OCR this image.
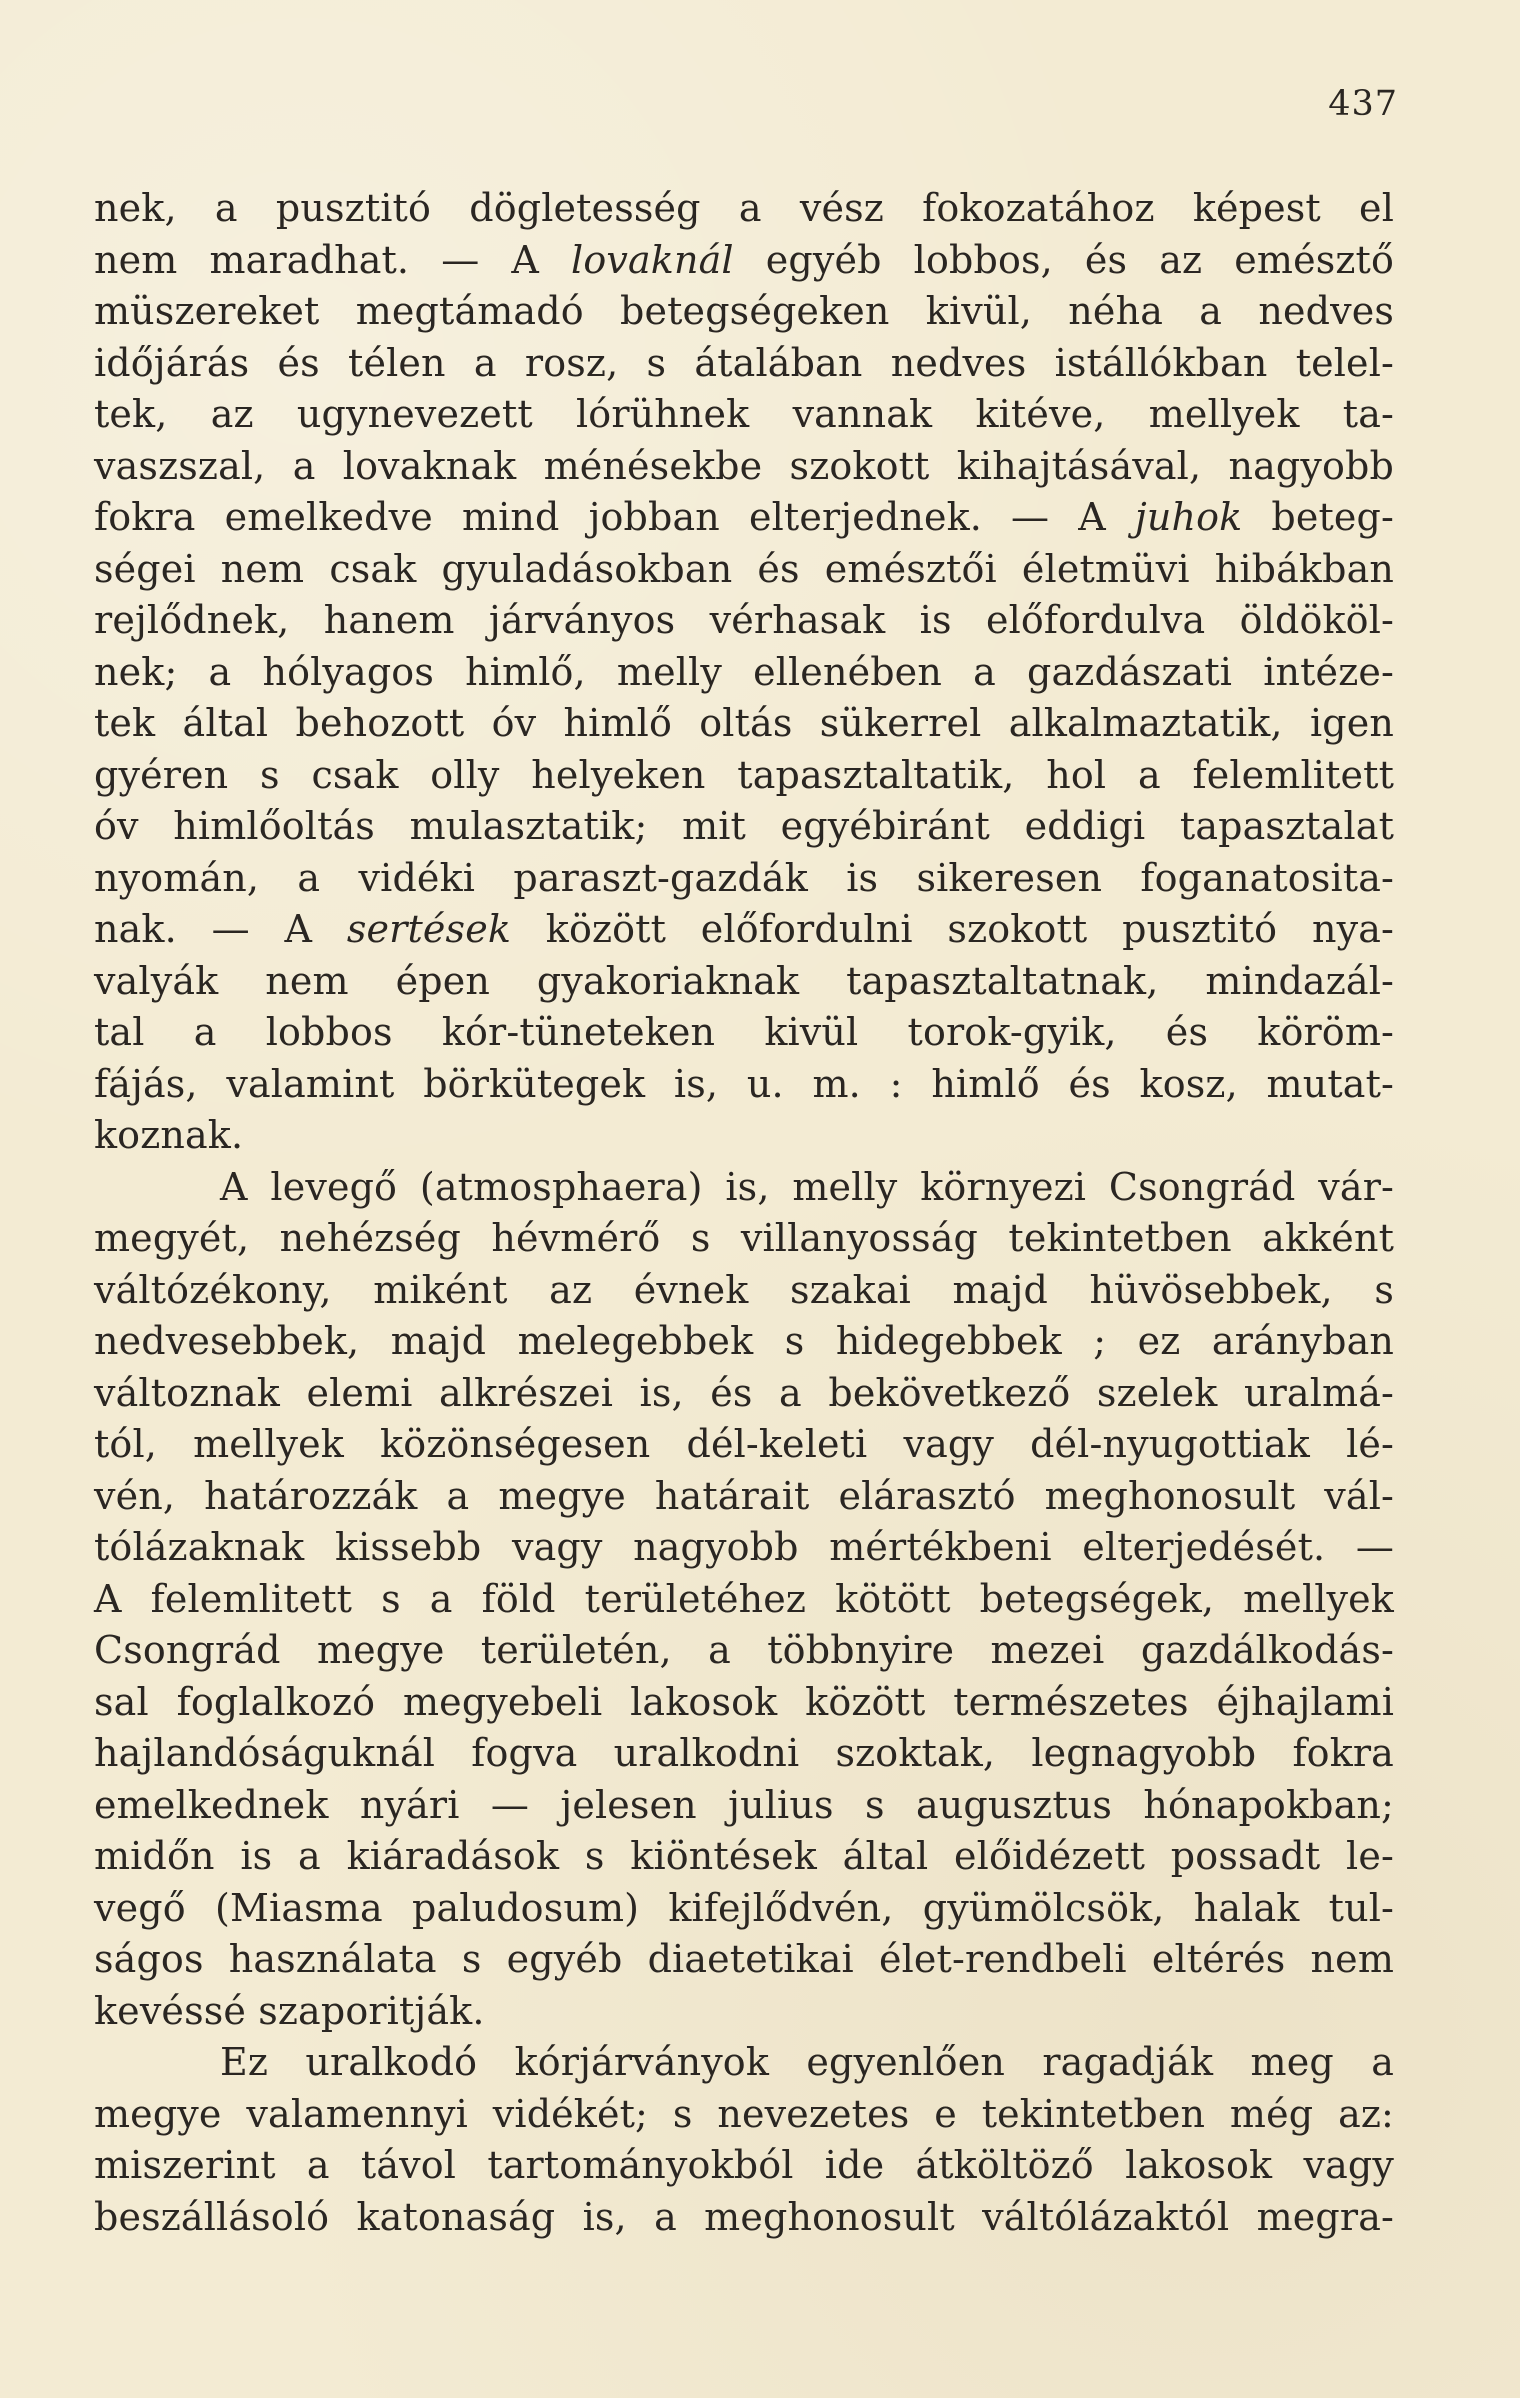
437
nek, a pusztitó dögletesség a vész fokozatához képest el
nem maradhat. — A lovaknál egyéb lobbos, és az emésztő
müszereket megtámadó betegségeken kivül, néha a nedves
időjárás és télen a rosz, s átalában nedves istállókban telel-
tek, az ugynevezett lórühnek vannak kitéve, mellyek ta-
vaszszal, a lovaknak ménésekbe szokott kihajtásával, nagyobb
fokra emelkedve mind jobban elterjednek. — A juhok beteg-
ségei nem csak gyuladásokban és emésztői életmüvi hibákban
rejlődnek, hanem járványos vérhasak is előfordulva öldököl-
nek; a hólyagos himlő, melly ellenében a gazdászati intéze-
tek által behozott óv himlő oltás sükerrel alkalmaztatik, igen
gyéren s csak olly helyeken tapasztaltatik, hol a felemlitett
óv himlőoltás mulasztatik; mit egyébiránt eddigi tapasztalat
nyomán, a vidéki paraszt-gazdák is sikeresen foganatosita-
nak. — A sertések között előfordulni szokott pusztitó nya-
valyák nem épen gyakoriaknak tapasztaltatnak, mindazál-
tal a lobbos kór-tüneteken kivül torok-gyik, és köröm-
fájás, valamint börkütegek is, u. m. : himlő és kosz, mutat-
koznak.
A levegő (atmosphaera) is, melly környezi Csongrád vár-
megyét, nehézség hévmérő s villanyosság tekintetben akként
váltózékony, miként az évnek szakai majd hüvösebbek, s
nedvesebbek, majd melegebbek s hidegebbek ; ez arányban
változnak elemi alkrészei is, és a bekövetkező szelek uralmá-
tól, mellyek közönségesen dél-keleti vagy dél-nyugottiak lé-
vén, határozzák a megye határait elárasztó meghonosult vál-
tólázaknak kissebb vagy nagyobb mértékbeni elterjedését. —
A felemlitett s a föld területéhez kötött betegségek, mellyek
Csongrád megye területén, a többnyire mezei gazdálkodás-
sal foglalkozó megyebeli lakosok között természetes éjhajlami
hajlandóságuknál fogva uralkodni szoktak, legnagyobb fokra
emelkednek nyári — jelesen julius s augusztus hónapokban;
midőn is a kiáradások s kiöntések által előidézett possadt le-
vegő (Miasma paludosum) kifejlődvén, gyümölcsök, halak tul-
ságos használata s egyéb diaetetikai élet-rendbeli eltérés nem
kevéssé szaporitják.
Ez uralkodó kórjárványok egyenlően ragadják meg a
megye valamennyi vidékét; s nevezetes e tekintetben még az:
miszerint a távol tartományokból ide átköltöző lakosok vagy
beszállásoló katonaság is, a meghonosult váltólázaktól megra-
